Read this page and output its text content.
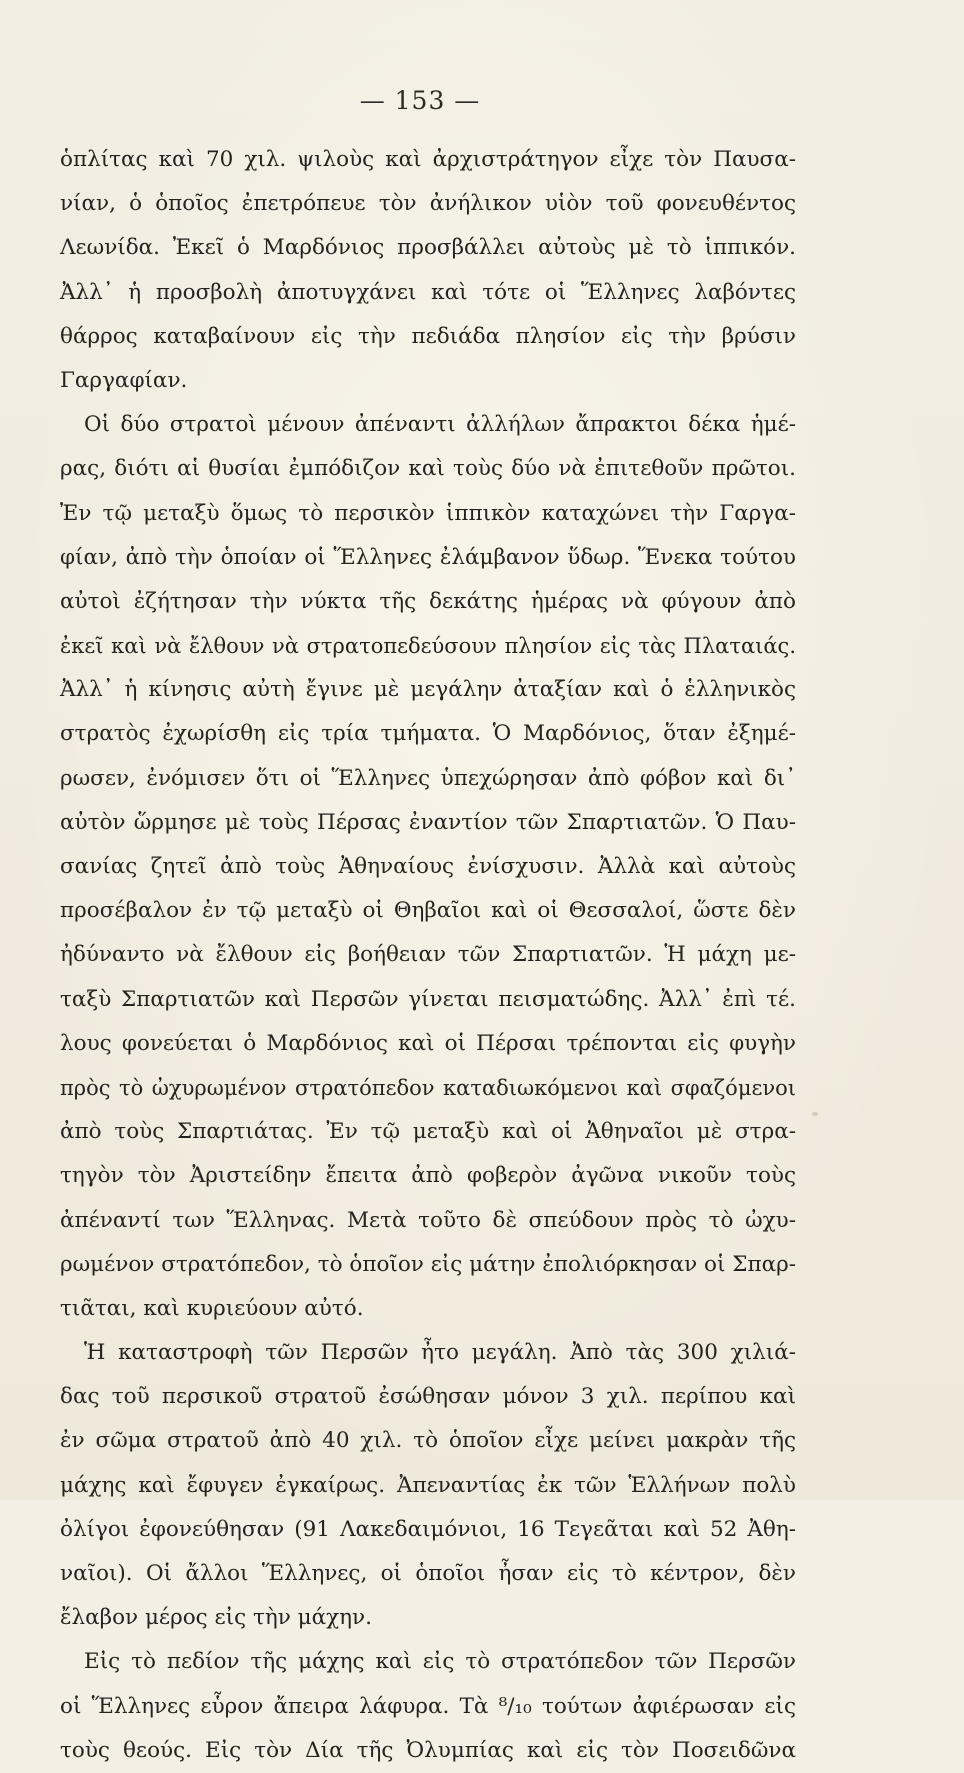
— 153 —
ὁπλίτας καὶ 70 χιλ. ψιλοὺς καὶ ἀρχιστράτηγον εἶχε τὸν Παυσα-
νίαν, ὁ ὁποῖος ἐπετρόπευε τὸν ἀνήλικον υἱὸν τοῦ φονευθέντος
Λεωνίδα. Ἐκεῖ ὁ Μαρδόνιος προσβάλλει αὐτοὺς μὲ τὸ ἱππικόν.
Ἀλλ᾽ ἡ προσβολὴ ἀποτυγχάνει καὶ τότε οἱ Ἕλληνες λαβόντες
θάρρος καταβαίνουν εἰς τὴν πεδιάδα πλησίον εἰς τὴν βρύσιν
Γαργαφίαν.
Οἱ δύο στρατοὶ μένουν ἀπέναντι ἀλλήλων ἄπρακτοι δέκα ἡμέ-
ρας, διότι αἱ θυσίαι ἐμπόδιζον καὶ τοὺς δύο νὰ ἐπιτεθοῦν πρῶτοι.
Ἐν τῷ μεταξὺ ὅμως τὸ περσικὸν ἱππικὸν καταχώνει τὴν Γαργα-
φίαν, ἀπὸ τὴν ὁποίαν οἱ Ἕλληνες ἐλάμβανον ὕδωρ. Ἕνεκα τούτου
αὐτοὶ ἐζήτησαν τὴν νύκτα τῆς δεκάτης ἡμέρας νὰ φύγουν ἀπὸ
ἐκεῖ καὶ νὰ ἔλθουν νὰ στρατοπεδεύσουν πλησίον εἰς τὰς Πλαταιάς.
Ἀλλ᾽ ἡ κίνησις αὐτὴ ἔγινε μὲ μεγάλην ἀταξίαν καὶ ὁ ἑλληνικὸς
στρατὸς ἐχωρίσθη εἰς τρία τμήματα. Ὁ Μαρδόνιος, ὅταν ἐξημέ-
ρωσεν, ἐνόμισεν ὅτι οἱ Ἕλληνες ὑπεχώρησαν ἀπὸ φόβον καὶ δι᾽
αὐτὸν ὥρμησε μὲ τοὺς Πέρσας ἐναντίον τῶν Σπαρτιατῶν. Ὁ Παυ-
σανίας ζητεῖ ἀπὸ τοὺς Ἀθηναίους ἐνίσχυσιν. Ἀλλὰ καὶ αὐτοὺς
προσέβαλον ἐν τῷ μεταξὺ οἱ Θηβαῖοι καὶ οἱ Θεσσαλοί, ὥστε δὲν
ἠδύναντο νὰ ἔλθουν εἰς βοήθειαν τῶν Σπαρτιατῶν. Ἡ μάχη με-
ταξὺ Σπαρτιατῶν καὶ Περσῶν γίνεται πεισματώδης. Ἀλλ᾽ ἐπὶ τέ.
λους φονεύεται ὁ Μαρδόνιος καὶ οἱ Πέρσαι τρέπονται εἰς φυγὴν
πρὸς τὸ ὠχυρωμένον στρατόπεδον καταδιωκόμενοι καὶ σφαζόμενοι
ἀπὸ τοὺς Σπαρτιάτας. Ἐν τῷ μεταξὺ καὶ οἱ Ἀθηναῖοι μὲ στρα-
τηγὸν τὸν Ἀριστείδην ἔπειτα ἀπὸ φοβερὸν ἀγῶνα νικοῦν τοὺς
ἀπέναντί των Ἕλληνας. Μετὰ τοῦτο δὲ σπεύδουν πρὸς τὸ ὠχυ-
ρωμένον στρατόπεδον, τὸ ὁποῖον εἰς μάτην ἐπολιόρκησαν οἱ Σπαρ-
τιᾶται, καὶ κυριεύουν αὐτό.
Ἡ καταστροφὴ τῶν Περσῶν ἦτο μεγάλη. Ἀπὸ τὰς 300 χιλιά-
δας τοῦ περσικοῦ στρατοῦ ἐσώθησαν μόνον 3 χιλ. περίπου καὶ
ἐν σῶμα στρατοῦ ἀπὸ 40 χιλ. τὸ ὁποῖον εἶχε μείνει μακρὰν τῆς
μάχης καὶ ἔφυγεν ἐγκαίρως. Ἀπεναντίας ἐκ τῶν Ἑλλήνων πολὺ
ὀλίγοι ἐφονεύθησαν (91 Λακεδαιμόνιοι, 16 Τεγεᾶται καὶ 52 Ἀθη-
ναῖοι). Οἱ ἄλλοι Ἕλληνες, οἱ ὁποῖοι ἦσαν εἰς τὸ κέντρον, δὲν
ἔλαβον μέρος εἰς τὴν μάχην.
Εἰς τὸ πεδίον τῆς μάχης καὶ εἰς τὸ στρατόπεδον τῶν Περσῶν
οἱ Ἕλληνες εὗρον ἄπειρα λάφυρα. Τὰ ⁸/₁₀ τούτων ἀφιέρωσαν εἰς
τοὺς θεούς. Εἰς τὸν Δία τῆς Ὀλυμπίας καὶ εἰς τὸν Ποσειδῶνα
